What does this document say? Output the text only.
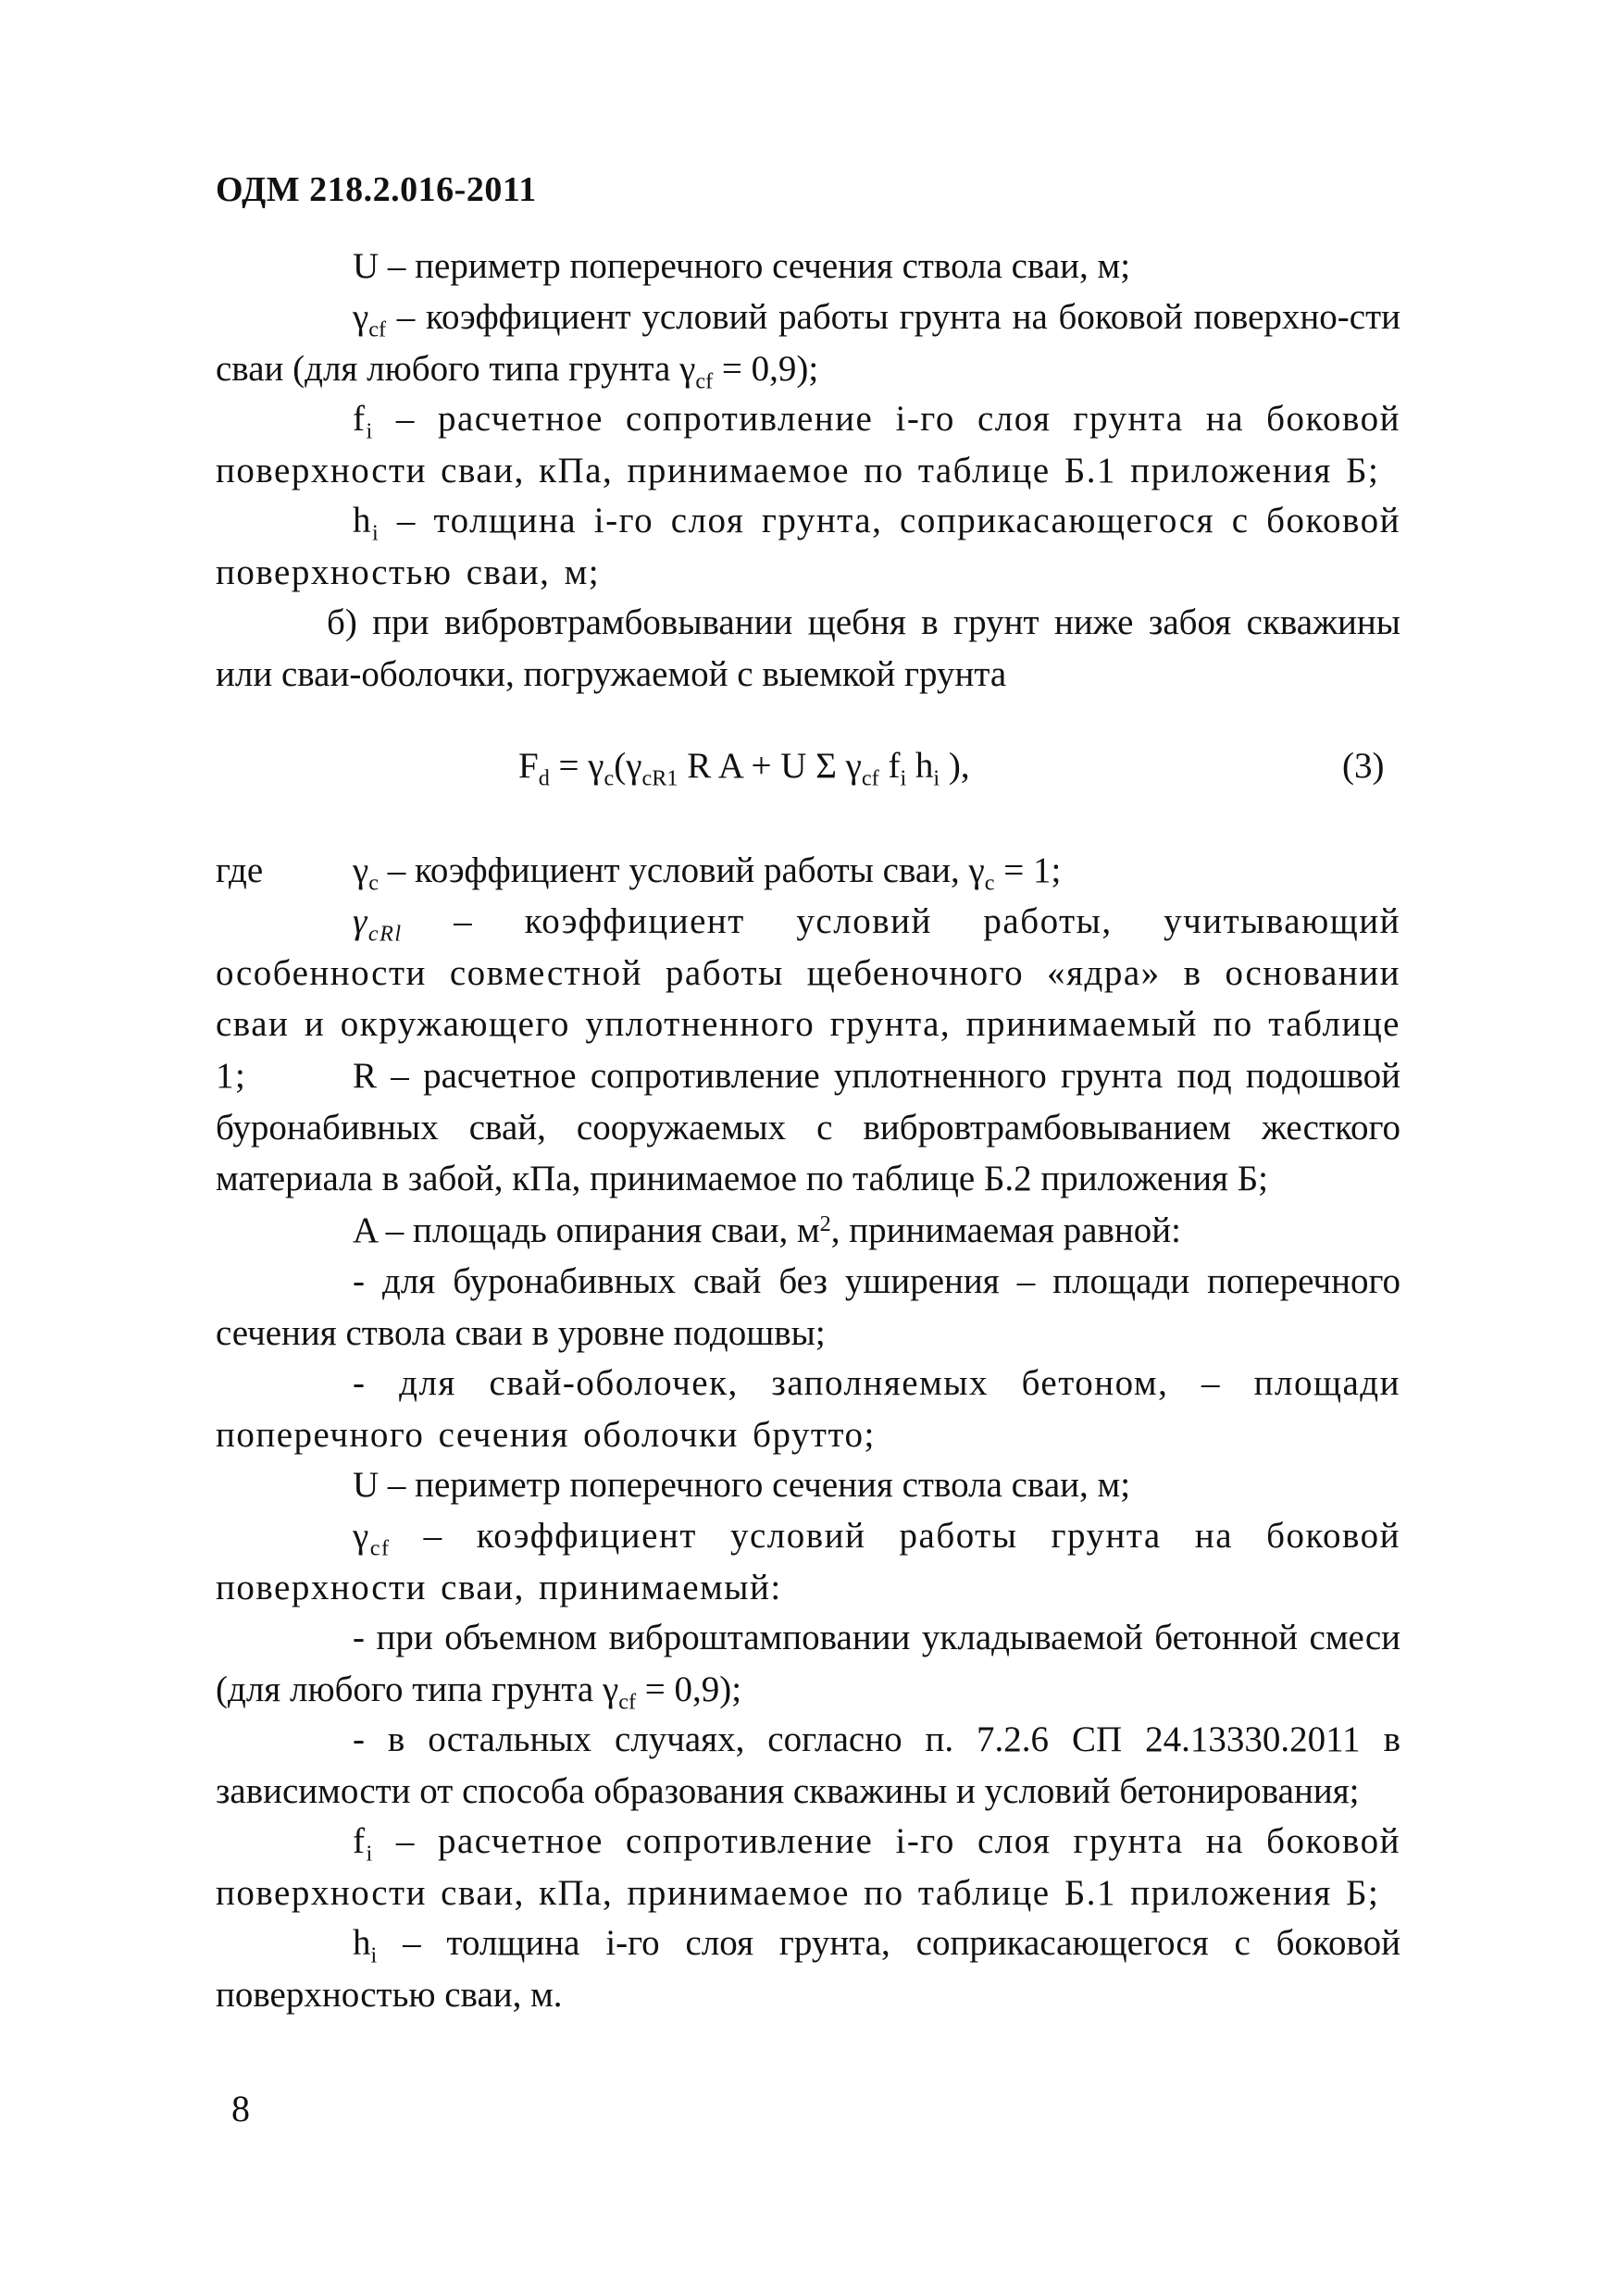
ОДМ 218.2.016-2011

U – периметр поперечного сечения ствола сваи, м;

$\gamma_{cf}$ – коэффициент условий работы грунта на боковой поверхно-сти сваи (для любого типа грунта $\gamma_{cf} = 0,9$);

$f_i$ – расчетное сопротивление i-го слоя грунта на боковой поверхности сваи, кПа, принимаемое по таблице Б.1 приложения Б;

$h_i$ – толщина i-го слоя грунта, соприкасающегося с боковой поверхностью сваи, м;

б) при вибровтрамбовывании щебня в грунт ниже забоя скважины или сваи-оболочки, погружаемой с выемкой грунта

$F_d = \gamma_c(\gamma_{cR1}$ R A + U Σ $\gamma_{cf}$ $f_i$ $h_i$ ),	(3)
где $\gamma_c$ – коэффициент условий работы сваи, $\gamma_c = 1$;

$\gamma_{cRl}$ – коэффициент условий работы, учитывающий особенности совместной работы щебеночного «ядра» в основании сваи и окружающего уплотненного грунта, принимаемый по таблице 1;	R – расчетное сопротивление уплотненного грунта под подошвой буронабивных свай, сооружаемых с вибровтрамбовыванием жесткого материала в забой, кПа, принимаемое по таблице Б.2 приложения Б;

A – площадь опирания сваи, $м^2$, принимаемая равной:

- для буронабивных свай без уширения – площади поперечного сечения ствола сваи в уровне подошвы;

- для свай-оболочек, заполняемых бетоном, – площади поперечного сечения оболочки брутто;

U – периметр поперечного сечения ствола сваи, м;

$\gamma_{cf}$ – коэффициент условий работы грунта на боковой поверхности сваи, принимаемый:

- при объемном виброштамповании укладываемой бетонной смеси (для любого типа грунта $\gamma_{cf} = 0,9$);

- в остальных случаях, согласно п. 7.2.6 СП 24.13330.2011 в зависимости от способа образования скважины и условий бетонирования;

$f_i$ – расчетное сопротивление i-го слоя грунта на боковой поверхности сваи, кПа, принимаемое по таблице Б.1 приложения Б;

$h_i$ – толщина i-го слоя грунта, соприкасающегося с боковой поверхностью сваи, м.

8
